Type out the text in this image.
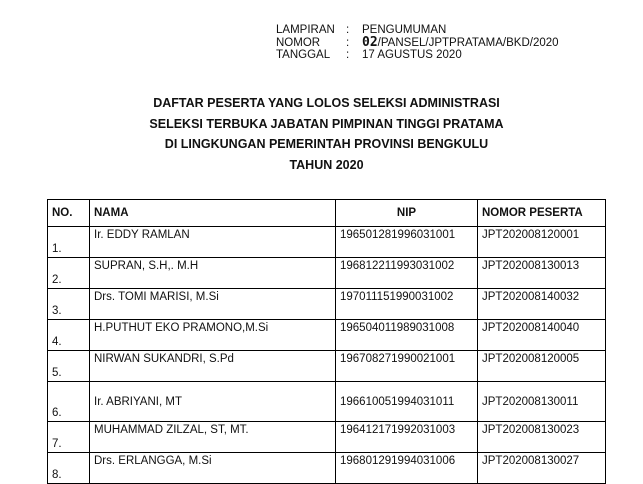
LAMPIRAN :	PENGUMUMAN
NOMOR	: 02/PANSEL/JPTPRATAMA/BKD/2020
TANGGAL	:	17 AGUSTUS 2020
DAFTAR PESERTA YANG LOLOS SELEKSI ADMINISTRASI
SELEKSI TERBUKA JABATAN PIMPINAN TINGGI PRATAMA
DI LINGKUNGAN PEMERINTAH PROVINSI BENGKULU
TAHUN 2020
NO.	NAMA	NIP	NOMOR PESERTA
1.	Ir. EDDY RAMLAN	196501281996031001	JPT202008120001
2.	SUPRAN, S.H,. M.H	196812211993031002	JPT202008130013
3.	Drs. TOMI MARISI, M.Si	197011151990031002	JPT202008140032
4.	H.PUTHUT EKO PRAMONO,M.Si	196504011989031008	JPT202008140040
5.	NIRWAN SUKANDRI, S.Pd	196708271990021001	JPT202008120005
6.	Ir. ABRIYANI, MT	196610051994031011	JPT202008130011
7.	MUHAMMAD ZILZAL, ST, MT.	196412171992031003	JPT202008130023
8.	Drs. ERLANGGA, M.Si	196801291994031006	JPT202008130027
